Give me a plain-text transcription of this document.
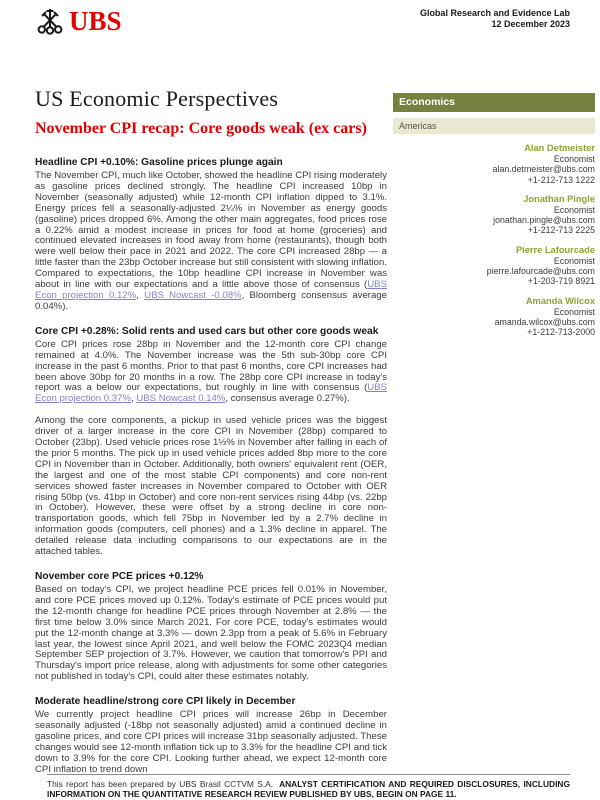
UBS	Global Research and Evidence Lab
12 December 2023
US Economic Perspectives
November CPI recap: Core goods weak (ex cars)
Headline CPI +0.10%: Gasoline prices plunge again

The November CPI, much like October, showed the headline CPI rising moderately as gasoline prices declined strongly. The headline CPI increased 10bp in November (seasonally adjusted) while 12-month CPI inflation dipped to 3.1%. Energy prices fell a seasonally-adjusted 2¼% in November as energy goods (gasoline) prices dropped 6%. Among the other main aggregates, food prices rose a 0.22% amid a modest increase in prices for food at home (groceries) and continued elevated increases in food away from home (restaurants), though both were well below their pace in 2021 and 2022. The core CPI increased 28bp — a little faster than the 23bp October increase but still consistent with slowing inflation. Compared to expectations, the 10bp headline CPI increase in November was about in line with our expectations and a little above those of consensus (UBS Econ projection 0.12%, UBS Nowcast -0.08%, Bloomberg consensus average 0.04%).

Core CPI +0.28%: Solid rents and used cars but other core goods weak

Core CPI prices rose 28bp in November and the 12-month core CPI change remained at 4.0%. The November increase was the 5th sub-30bp core CPI increase in the past 6 months. Prior to that past 6 months, core CPI increases had been above 30bp for 20 months in a row. The 28bp core CPI increase in today's report was a below our expectations, but roughly in line with consensus (UBS Econ projection 0.37%, UBS Nowcast 0.14%, consensus average 0.27%).

Among the core components, a pickup in used vehicle prices was the biggest driver of a larger increase in the core CPI in November (28bp) compared to October (23bp). Used vehicle prices rose 1½% in November after falling in each of the prior 5 months. The pick up in used vehicle prices added 8bp more to the core CPI in November than in October. Additionally, both owners' equivalent rent (OER, the largest and one of the most stable CPI components) and core non-rent services showed faster increases in November compared to October with OER rising 50bp (vs. 41bp in October) and core non-rent services rising 44bp (vs. 22bp in October). However, these were offset by a strong decline in core non-transportation goods, which fell 75bp in November led by a 2.7% decline in information goods (computers, cell phones) and a 1.3% decline in apparel. The detailed release data including comparisons to our expectations are in the attached tables.

November core PCE prices +0.12%

Based on today's CPI, we project headline PCE prices fell 0.01% in November, and core PCE prices moved up 0.12%. Today's estimate of PCE prices would put the 12-month change for headline PCE prices through November at 2.8% — the first time below 3.0% since March 2021. For core PCE, today's estimates would put the 12-month change at 3.3% — down 2.3pp from a peak of 5.6% in February last year, the lowest since April 2021, and well below the FOMC 2023Q4 median September SEP projection of 3.7%. However, we caution that tomorrow's PPI and Thursday's import price release, along with adjustments for some other categories not published in today's CPI, could alter these estimates notably.

Moderate headline/strong core CPI likely in December

We currently project headline CPI prices will increase 26bp in December seasonally adjusted (-18bp not seasonally adjusted) amid a continued decline in gasoline prices, and core CPI prices will increase 31bp seasonally adjusted. These changes would see 12-month inflation tick up to 3.3% for the headline CPI and tick down to 3.9% for the core CPI. Looking further ahead, we expect 12-month core CPI inflation to trend down

Economics
Americas
Alan Detmeister
Economist
alan.detmeister@ubs.com
+1-212-713 1222
Jonathan Pingle
Economist
jonathan.pingle@ubs.com
+1-212-713 2225
Pierre Lafourcade
Economist
pierre.lafourcade@ubs.com
+1-203-719 8921
Amanda Wilcox
Economist
amanda.wilcox@ubs.com
+1-212-713-2000
This report has been prepared by UBS Brasil CCTVM S.A. ANALYST CERTIFICATION AND REQUIRED DISCLOSURES, INCLUDING INFORMATION ON THE QUANTITATIVE RESEARCH REVIEW PUBLISHED BY UBS, BEGIN ON PAGE 11.
